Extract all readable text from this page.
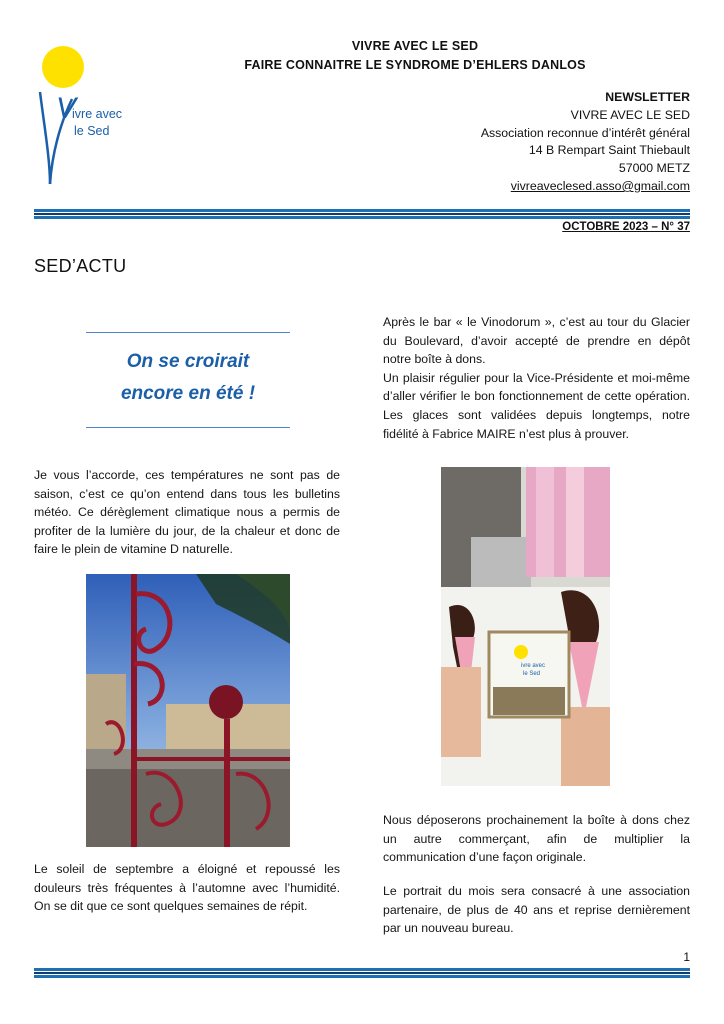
V
ivre avec
le Sed
VIVRE AVEC LE SED
FAIRE CONNAITRE LE SYNDROME D’EHLERS DANLOS
NEWSLETTER
VIVRE AVEC LE SED
Association reconnue d’intérêt général
14 B Rempart Saint Thiebault
57000 METZ
vivreaveclesed.asso@gmail.com
OCTOBRE 2023 – N° 37
SED’ACTU
On se croirait
encore en été !

Je vous l’accorde, ces températures ne sont pas de saison, c’est ce qu’on entend dans tous les bulletins météo. Ce dérèglement climatique nous a permis de profiter de la lumière du jour, de la chaleur et donc de faire le plein de vitamine D naturelle.

Le soleil de septembre a éloigné et repoussé les douleurs très fréquentes à l’automne avec l’humidité. On se dit que ce sont quelques semaines de répit.

Après le bar « le Vinodorum », c’est au tour du Glacier du Boulevard, d’avoir accepté de prendre en dépôt notre boîte à dons.
Un plaisir régulier pour la Vice-Présidente et moi-même d’aller vérifier le bon fonctionnement de cette opération. Les glaces sont validées depuis longtemps, notre fidélité à Fabrice MAIRE n’est plus à prouver.
ivre avec
le Sed

Nous déposerons prochainement la boîte à dons chez un autre commerçant, afin de multiplier la communication d’une façon originale.

Le portrait du mois sera consacré à une association partenaire, de plus de 40 ans et reprise dernièrement par un nouveau bureau.

1
